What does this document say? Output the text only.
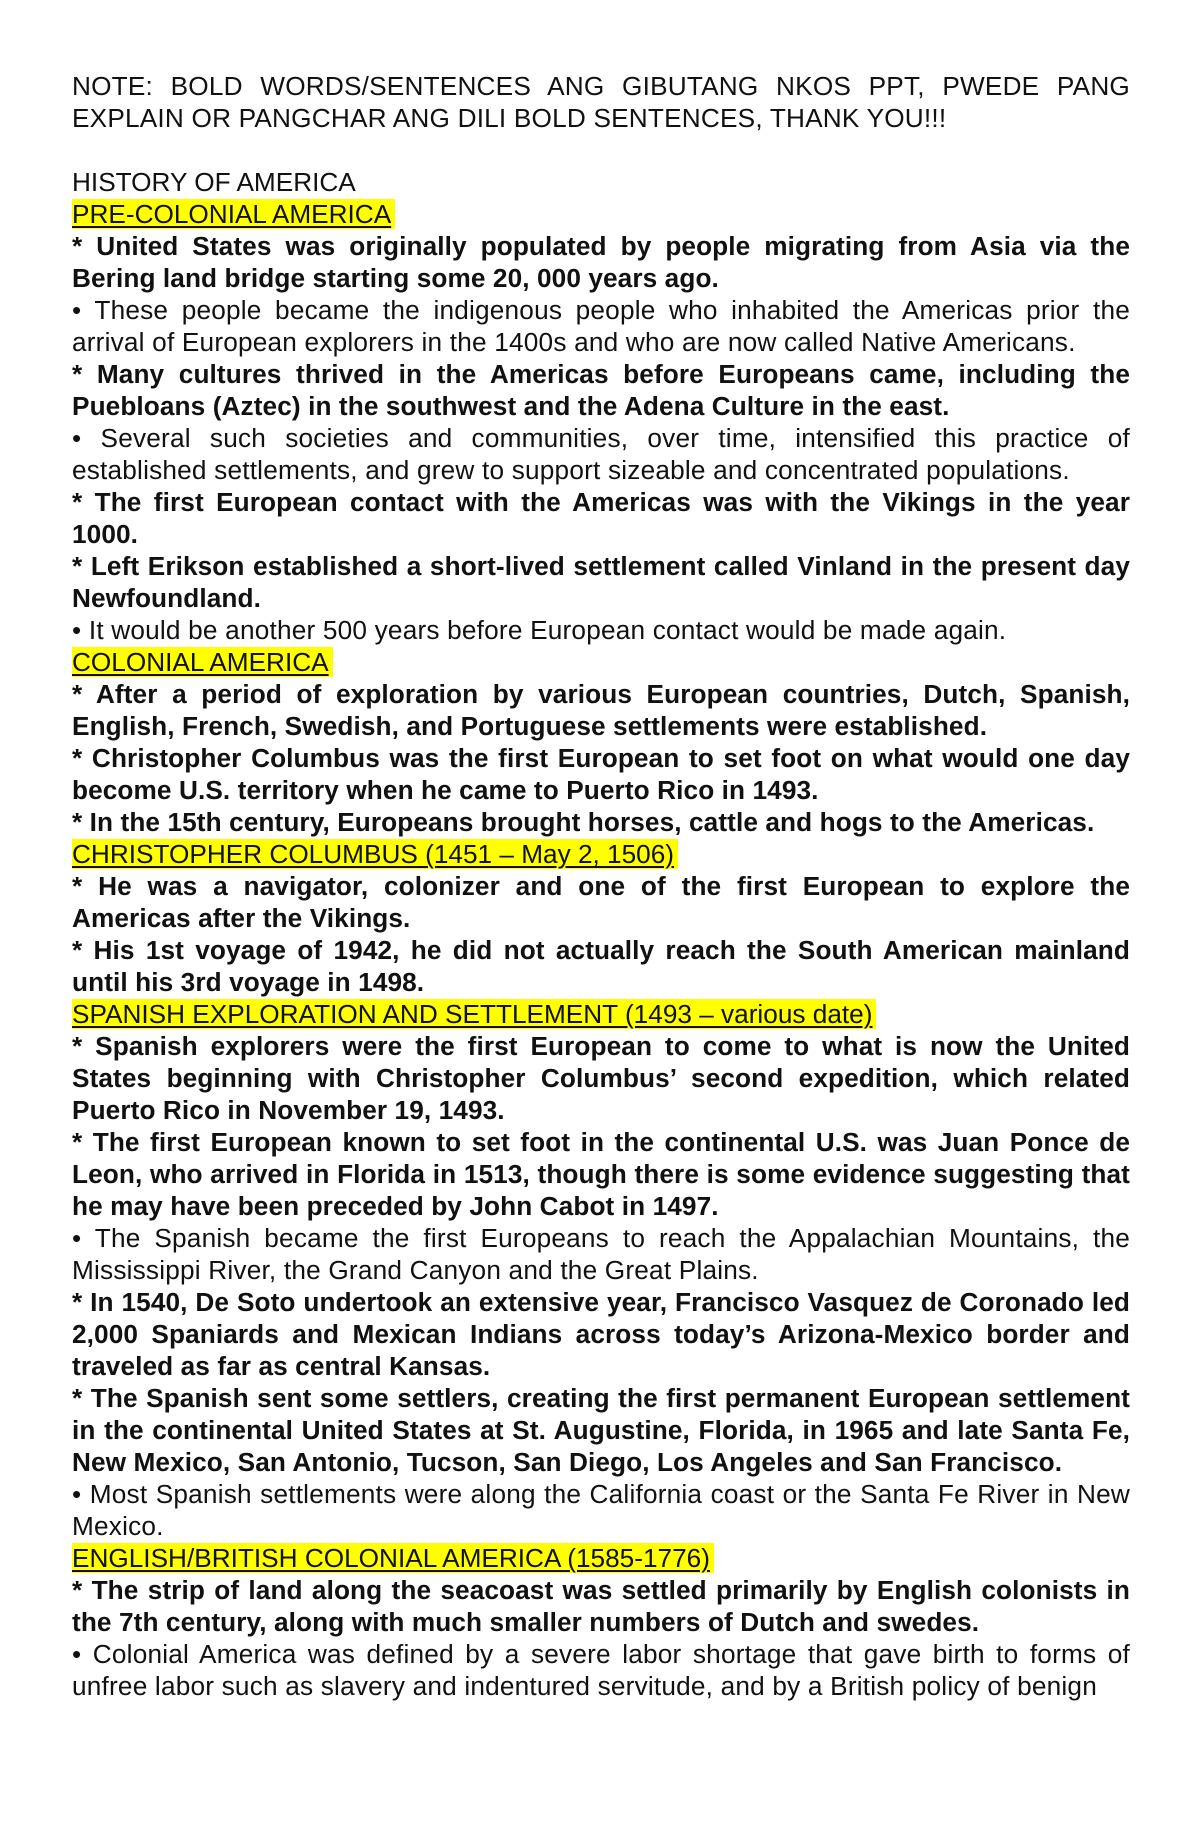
NOTE: BOLD WORDS/SENTENCES ANG GIBUTANG NKOS PPT, PWEDE PANG EXPLAIN OR PANGCHAR ANG DILI BOLD SENTENCES, THANK YOU!!!

HISTORY OF AMERICA

PRE-COLONIAL AMERICA

* United States was originally populated by people migrating from Asia via the Bering land bridge starting some 20, 000 years ago.

• These people became the indigenous people who inhabited the Americas prior the arrival of European explorers in the 1400s and who are now called Native Americans.

* Many cultures thrived in the Americas before Europeans came, including the Puebloans (Aztec) in the southwest and the Adena Culture in the east.

• Several such societies and communities, over time, intensified this practice of established settlements, and grew to support sizeable and concentrated populations.

* The first European contact with the Americas was with the Vikings in the year 1000.

* Left Erikson established a short-lived settlement called Vinland in the present day Newfoundland.

• It would be another 500 years before European contact would be made again.

COLONIAL AMERICA

* After a period of exploration by various European countries, Dutch, Spanish, English, French, Swedish, and Portuguese settlements were established.

* Christopher Columbus was the first European to set foot on what would one day become U.S. territory when he came to Puerto Rico in 1493.

* In the 15th century, Europeans brought horses, cattle and hogs to the Americas.

CHRISTOPHER COLUMBUS (1451 – May 2, 1506)

* He was a navigator, colonizer and one of the first European to explore the Americas after the Vikings.

* His 1st voyage of 1942, he did not actually reach the South American mainland until his 3rd voyage in 1498.

SPANISH EXPLORATION AND SETTLEMENT (1493 – various date)

* Spanish explorers were the first European to come to what is now the United States beginning with Christopher Columbus’ second expedition, which related Puerto Rico in November 19, 1493.

* The first European known to set foot in the continental U.S. was Juan Ponce de Leon, who arrived in Florida in 1513, though there is some evidence suggesting that he may have been preceded by John Cabot in 1497.

• The Spanish became the first Europeans to reach the Appalachian Mountains, the Mississippi River, the Grand Canyon and the Great Plains.

* In 1540, De Soto undertook an extensive year, Francisco Vasquez de Coronado led 2,000 Spaniards and Mexican Indians across today’s Arizona-Mexico border and traveled as far as central Kansas.

* The Spanish sent some settlers, creating the first permanent European settlement in the continental United States at St. Augustine, Florida, in 1965 and late Santa Fe, New Mexico, San Antonio, Tucson, San Diego, Los Angeles and San Francisco.

• Most Spanish settlements were along the California coast or the Santa Fe River in New Mexico.

ENGLISH/BRITISH COLONIAL AMERICA (1585-1776)

* The strip of land along the seacoast was settled primarily by English colonists in the 7th century, along with much smaller numbers of Dutch and swedes.

• Colonial America was defined by a severe labor shortage that gave birth to forms of unfree labor such as slavery and indentured servitude, and by a British policy of benign
